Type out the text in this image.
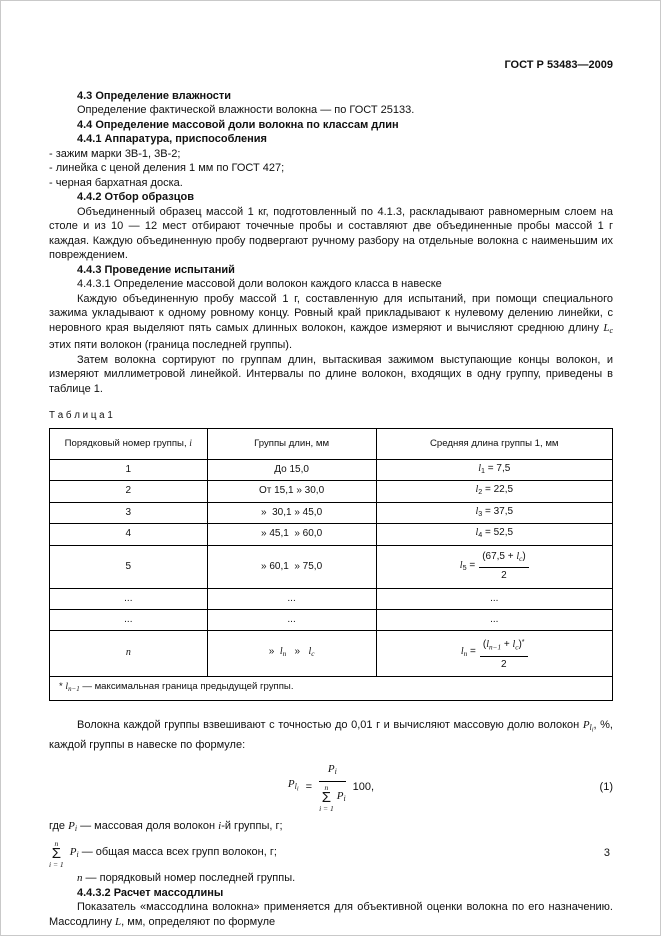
ГОСТ Р 53483—2009
4.3 Определение влажности
Определение фактической влажности волокна — по ГОСТ 25133.
4.4 Определение массовой доли волокна по классам длин
4.4.1 Аппаратура, приспособления
- зажим марки 3В-1, 3В-2;
- линейка с ценой деления 1 мм по ГОСТ 427;
- черная бархатная доска.
4.4.2 Отбор образцов
Объединенный образец массой 1 кг, подготовленный по 4.1.3, раскладывают равномерным слоем на столе и из 10 — 12 мест отбирают точечные пробы и составляют две объединенные пробы массой 1 г каждая. Каждую объединенную пробу подвергают ручному разбору на отдельные волокна с наименьшим их повреждением.
4.4.3 Проведение испытаний
4.4.3.1 Определение массовой доли волокон каждого класса в навеске
Каждую объединенную пробу массой 1 г, составленную для испытаний, при помощи специального зажима укладывают к одному ровному концу. Ровный край прикладывают к нулевому делению линейки, с неровного края выделяют пять самых длинных волокон, каждое измеряют и вычисляют среднюю длину $L_c$ этих пяти волокон (граница последней группы).
Затем волокна сортируют по группам длин, вытаскивая зажимом выступающие концы волокон, и измеряют миллиметровой линейкой. Интервалы по длине волокон, входящих в одну группу, приведены в таблице 1.
Т а б л и ц а 1
Порядковый номер группы, i	Группы длин, мм	Средняя длина группы 1, мм
1	До 15,0	$l_1 = 7,5$
2	От 15,1 » 30,0	$l_2 = 22,5$
3	»  30,1 » 45,0	$l_3 = 37,5$
4	» 45,1  » 60,0	$l_4 = 52,5$
5	» 60,1  » 75,0	$l_5 = \frac{(67,5 + l_c)}{2}$

...	...	...
...	...	...
n	»  $l_n$   »   $l_c$	$l_n = \frac{(l_{n-1} + l_c)^*}{2}$

* $l_{n-1}$ — максимальная граница предыдущей группы.		
Волокна каждой группы взвешивают с точностью до 0,01 г и вычисляют массовую долю волокон $P_{li}$, %, каждой группы в навеске по формуле:
$P_{li} = P_i$
n
Σ
i = 1
$P_i$ 100,	(1)
где $P_i$ — массовая доля волокон i-й группы, г;
n
Σ
i = 1
$P_i$ — общая масса всех групп волокон, г;
n — порядковый номер последней группы.
4.4.3.2 Расчет массодлины
Показатель «массодлина волокна» применяется для объективной оценки волокна по его назначению. Массодлину L, мм, определяют по формуле
3
